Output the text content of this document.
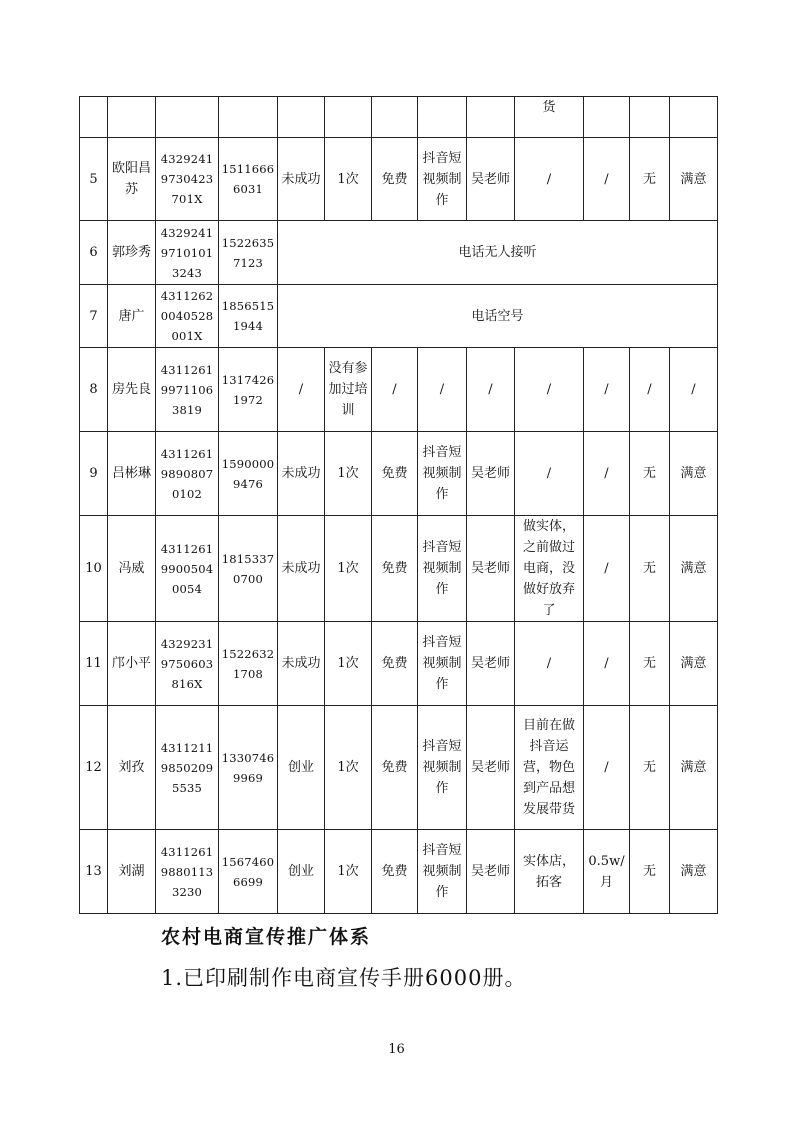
									货			
5	欧阳昌苏	43292419730423701X	15116666031	未成功	1次	免费	抖音短视频制作	吴老师	/	/	无	满意
6	郭珍秀	432924197101013243	15226357123	电话无人接听								
7	唐广	43112620040528001X	18565151944	电话空号								
8	房先良	431126199711063819	13174261972	/	没有参加过培训	/	/	/	/	/	/	/
9	吕彬琳	431126198908070102	15900009476	未成功	1次	免费	抖音短视频制作	吴老师	/	/	无	满意
10	冯威	431126199005040054	18153370700	未成功	1次	免费	抖音短视频制作	吴老师	做实体，之前做过电商，没做好放弃了	/	无	满意
11	邝小平	43292319750603816X	15226321708	未成功	1次	免费	抖音短视频制作	吴老师	/	/	无	满意
12	刘孜	431121198502095535	13307469969	创业	1次	免费	抖音短视频制作	吴老师	目前在做抖音运营，物色到产品想发展带货	/	无	满意
13	刘湖	431126198801133230	15674606699	创业	1次	免费	抖音短视频制作	吴老师	实体店，拓客	0.5w/月	无	满意
农村电商宣传推广体系
1.已印刷制作电商宣传手册6000册。
16
